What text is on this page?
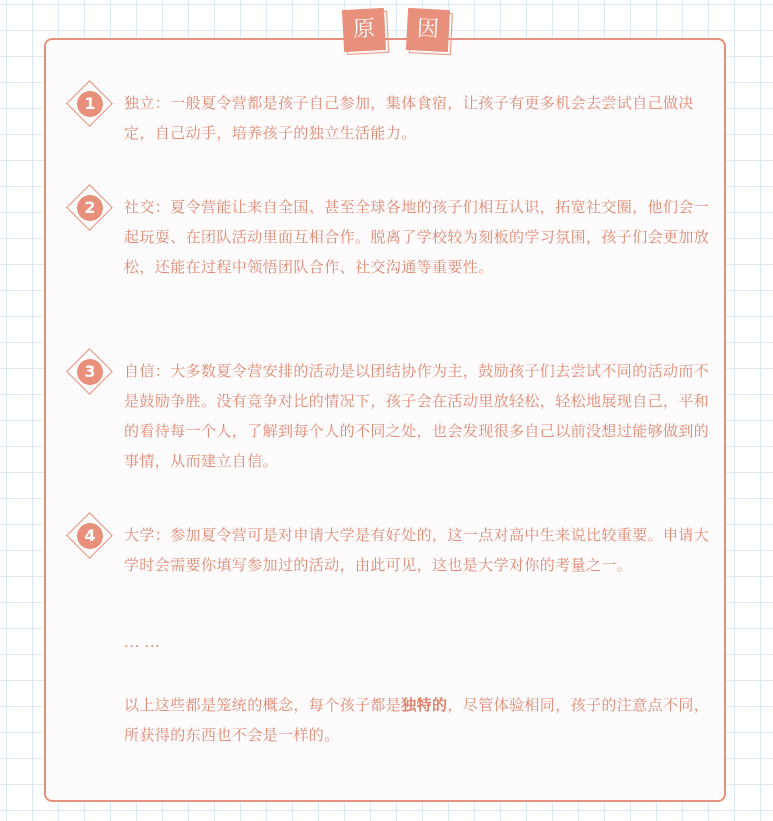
原	因
1	独立：一般夏令营都是孩子自己参加，集体食宿，让孩子有更多机会去尝试自己做决定，自己动手，培养孩子的独立生活能力。
2	社交：夏令营能让来自全国、甚至全球各地的孩子们相互认识，拓宽社交圈，他们会一起玩耍、在团队活动里面互相合作。脱离了学校较为刻板的学习氛围，孩子们会更加放松，还能在过程中领悟团队合作、社交沟通等重要性。
3	自信：大多数夏令营安排的活动是以团结协作为主，鼓励孩子们去尝试不同的活动而不是鼓励争胜。没有竞争对比的情况下，孩子会在活动里放轻松，轻松地展现自己，平和的看待每一个人，了解到每个人的不同之处，也会发现很多自己以前没想过能够做到的事情，从而建立自信。
4	大学：参加夏令营可是对申请大学是有好处的，这一点对高中生来说比较重要。申请大学时会需要你填写参加过的活动，由此可见，这也是大学对你的考量之一。
... ...
以上这些都是笼统的概念，每个孩子都是独特的，尽管体验相同，孩子的注意点不同，所获得的东西也不会是一样的。
